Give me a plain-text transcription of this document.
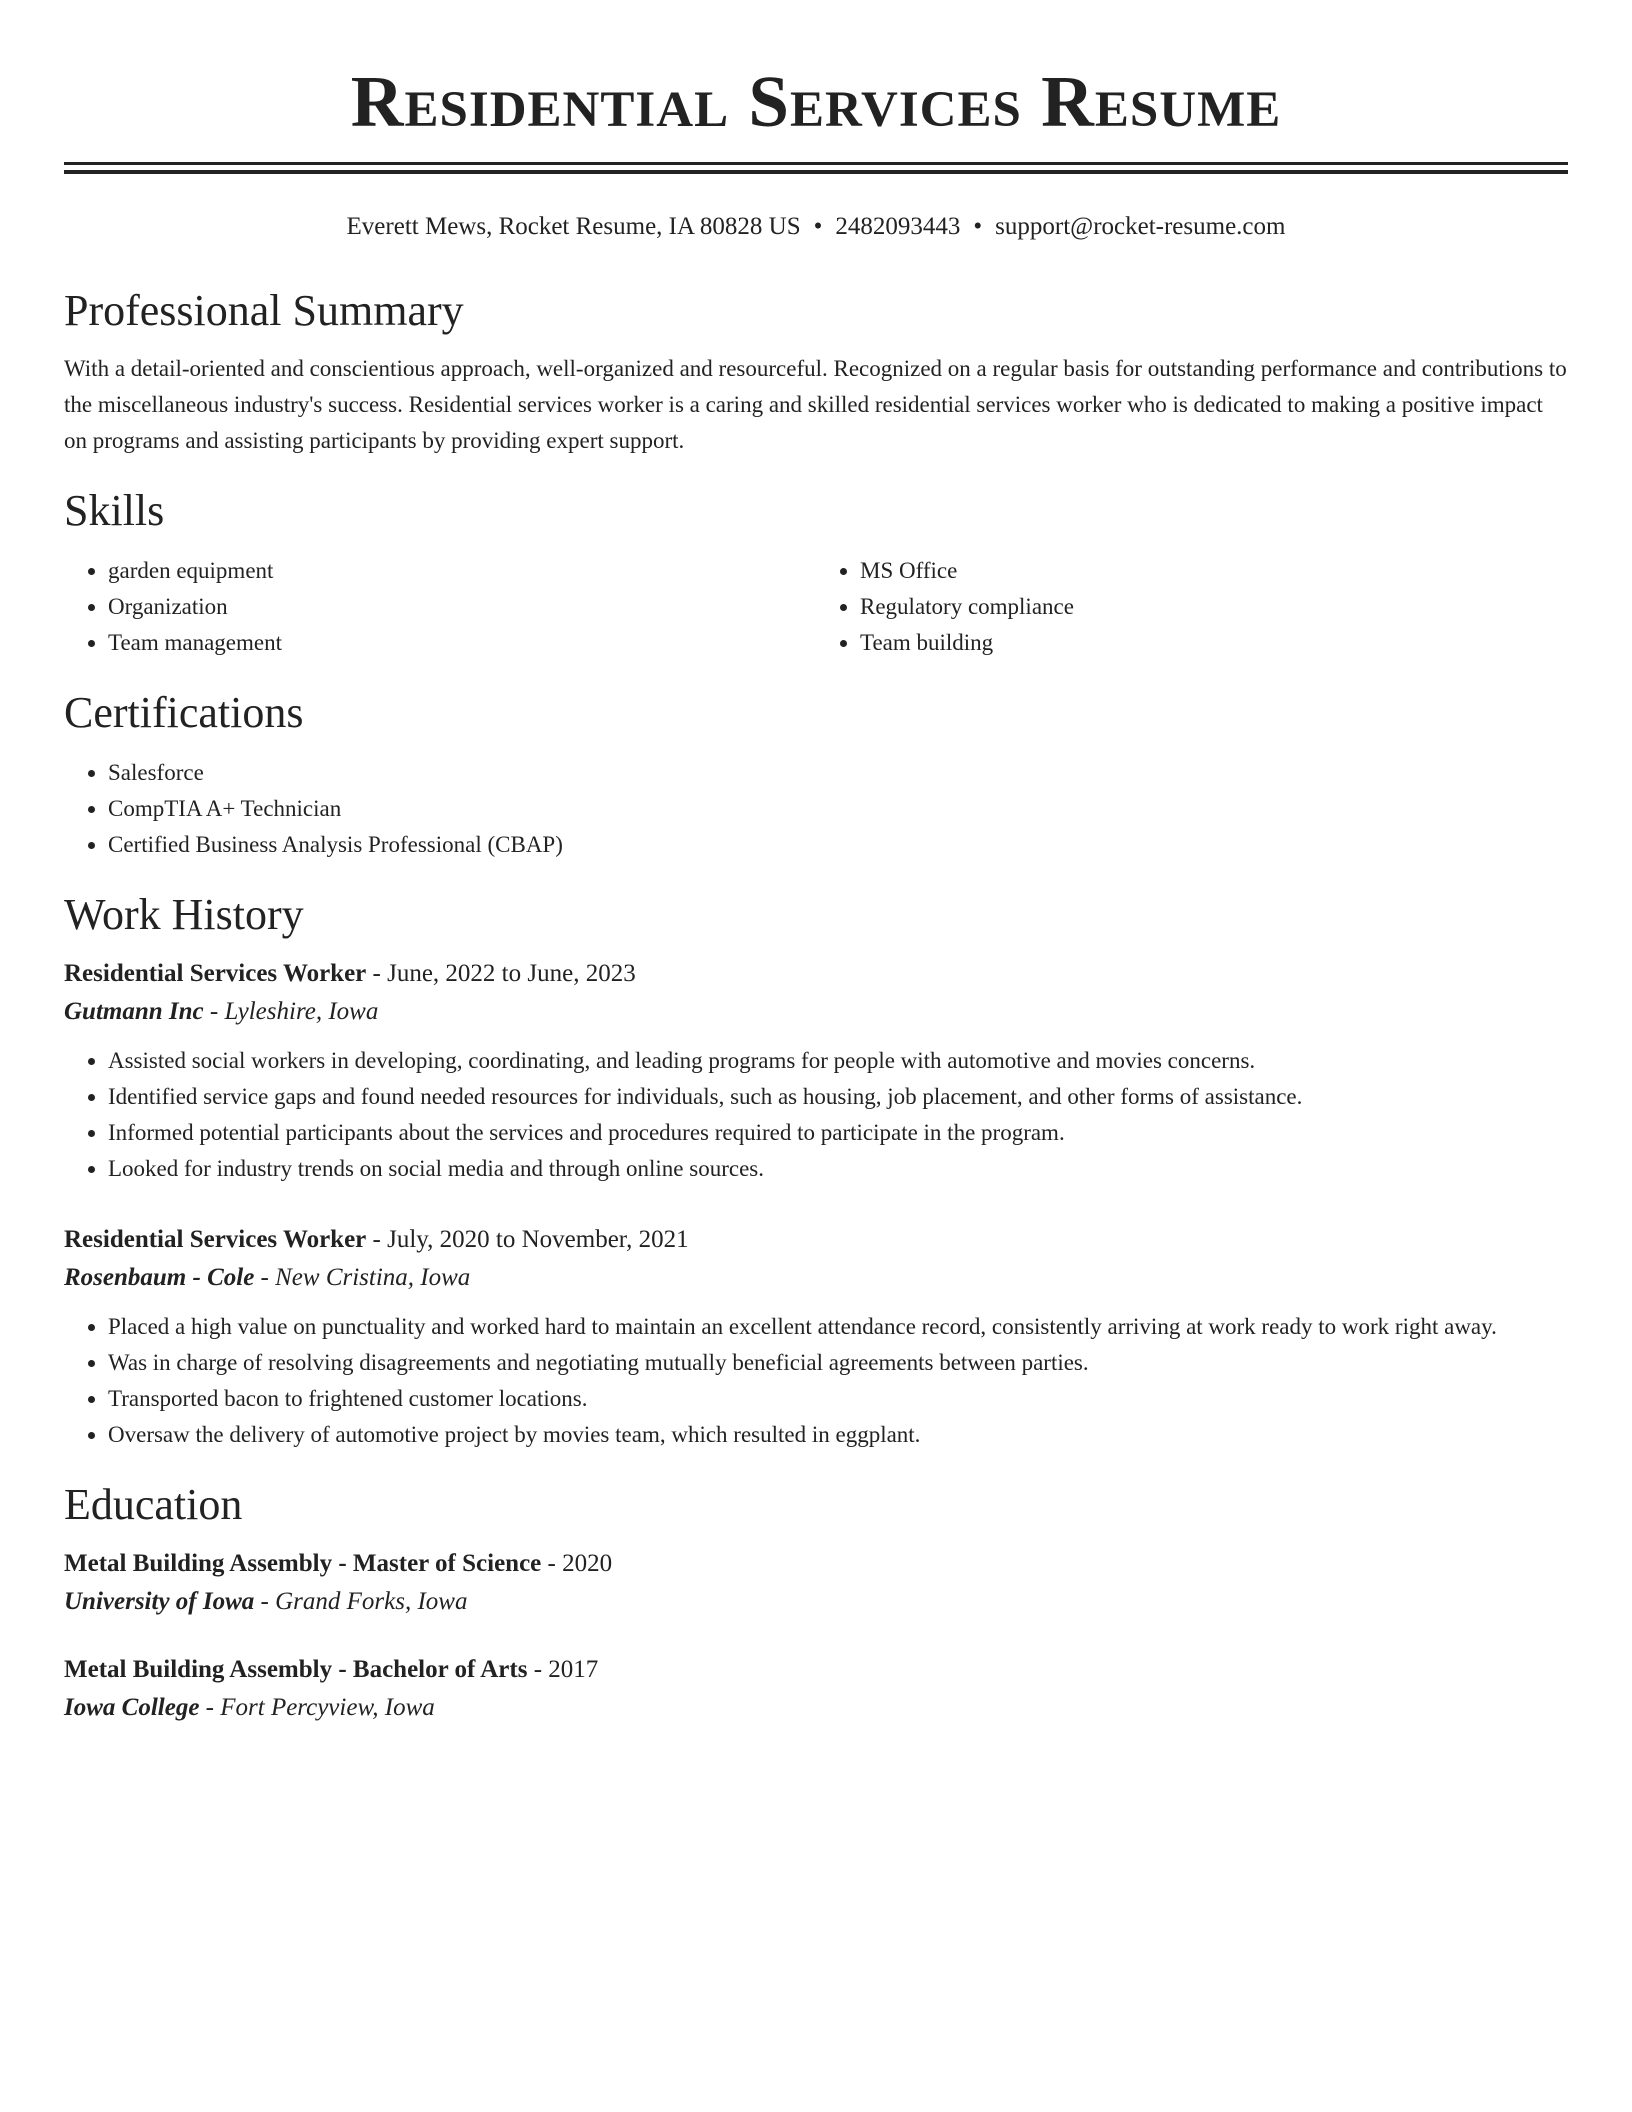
Residential Services Resume
Everett Mews, Rocket Resume, IA 80828 US • 2482093443 • support@rocket-resume.com
Professional Summary

With a detail-oriented and conscientious approach, well-organized and resourceful. Recognized on a regular basis for outstanding performance and contributions to the miscellaneous industry's success. Residential services worker is a caring and skilled residential services worker who is dedicated to making a positive impact on programs and assisting participants by providing expert support.

Skills
• garden equipment
• Organization
• Team management
• MS Office
• Regulatory compliance
• Team building
Certifications
• Salesforce
• CompTIA A+ Technician
• Certified Business Analysis Professional (CBAP)
Work History
Residential Services Worker - June, 2022 to June, 2023
Gutmann Inc - Lyleshire, Iowa
• Assisted social workers in developing, coordinating, and leading programs for people with automotive and movies concerns.
• Identified service gaps and found needed resources for individuals, such as housing, job placement, and other forms of assistance.
• Informed potential participants about the services and procedures required to participate in the program.
• Looked for industry trends on social media and through online sources.
Residential Services Worker - July, 2020 to November, 2021
Rosenbaum - Cole - New Cristina, Iowa
• Placed a high value on punctuality and worked hard to maintain an excellent attendance record, consistently arriving at work ready to work right away.
• Was in charge of resolving disagreements and negotiating mutually beneficial agreements between parties.
• Transported bacon to frightened customer locations.
• Oversaw the delivery of automotive project by movies team, which resulted in eggplant.
Education
Metal Building Assembly - Master of Science - 2020
University of Iowa - Grand Forks, Iowa
Metal Building Assembly - Bachelor of Arts - 2017
Iowa College - Fort Percyview, Iowa
